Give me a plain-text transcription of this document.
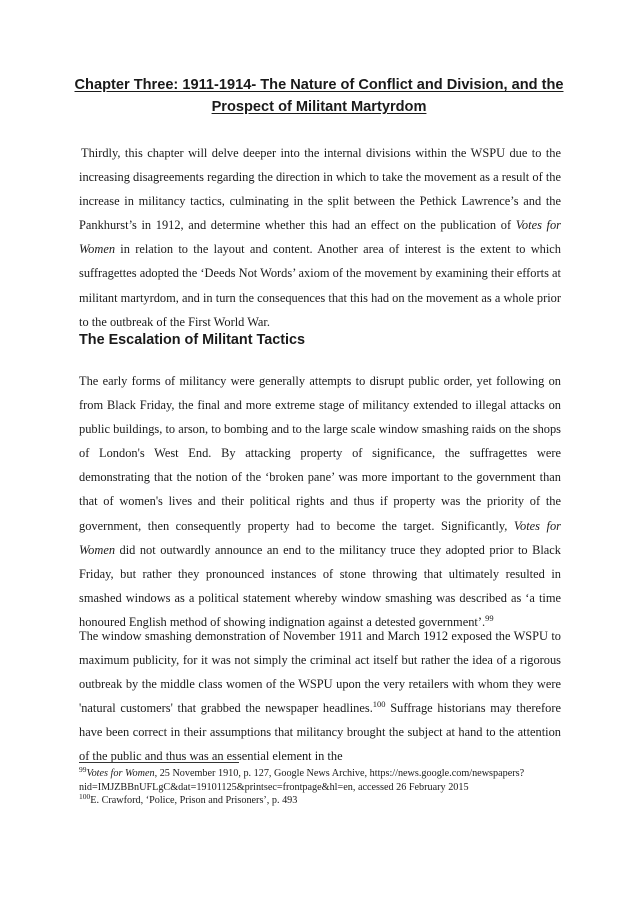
Chapter Three: 1911-1914- The Nature of Conflict and Division, and the Prospect of Militant Martyrdom

Thirdly, this chapter will delve deeper into the internal divisions within the WSPU due to the increasing disagreements regarding the direction in which to take the movement as a result of the increase in militancy tactics, culminating in the split between the Pethick Lawrence’s and the Pankhurst’s in 1912, and determine whether this had an effect on the publication of Votes for Women in relation to the layout and content. Another area of interest is the extent to which suffragettes adopted the ‘Deeds Not Words’ axiom of the movement by examining their efforts at militant martyrdom, and in turn the consequences that this had on the movement as a whole prior to the outbreak of the First World War.

The Escalation of Militant Tactics

The early forms of militancy were generally attempts to disrupt public order, yet following on from Black Friday, the final and more extreme stage of militancy extended to illegal attacks on public buildings, to arson, to bombing and to the large scale window smashing raids on the shops of London's West End. By attacking property of significance, the suffragettes were demonstrating that the notion of the ‘broken pane’ was more important to the government than that of women's lives and their political rights and thus if property was the priority of the government, then consequently property had to become the target. Significantly, Votes for Women did not outwardly announce an end to the militancy truce they adopted prior to Black Friday, but rather they pronounced instances of stone throwing that ultimately resulted in smashed windows as a political statement whereby window smashing was described as ‘a time honoured English method of showing indignation against a detested government’.$^{99}$

The window smashing demonstration of November 1911 and March 1912 exposed the WSPU to maximum publicity, for it was not simply the criminal act itself but rather the idea of a rigorous outbreak by the middle class women of the WSPU upon the very retailers with whom they were 'natural customers' that grabbed the newspaper headlines.$^{100}$ Suffrage historians may therefore have been correct in their assumptions that militancy brought the subject at hand to the attention of the public and thus was an essential element in the

$^{99}$Votes for Women, 25 November 1910, p. 127, Google News Archive, https://news.google.com/newspapers?nid=IMJZBBnUFLgC&dat=19101125&printsec=frontpage&hl=en, accessed 26 February 2015

$^{100}$E. Crawford, ‘Police, Prison and Prisoners’, p. 493
